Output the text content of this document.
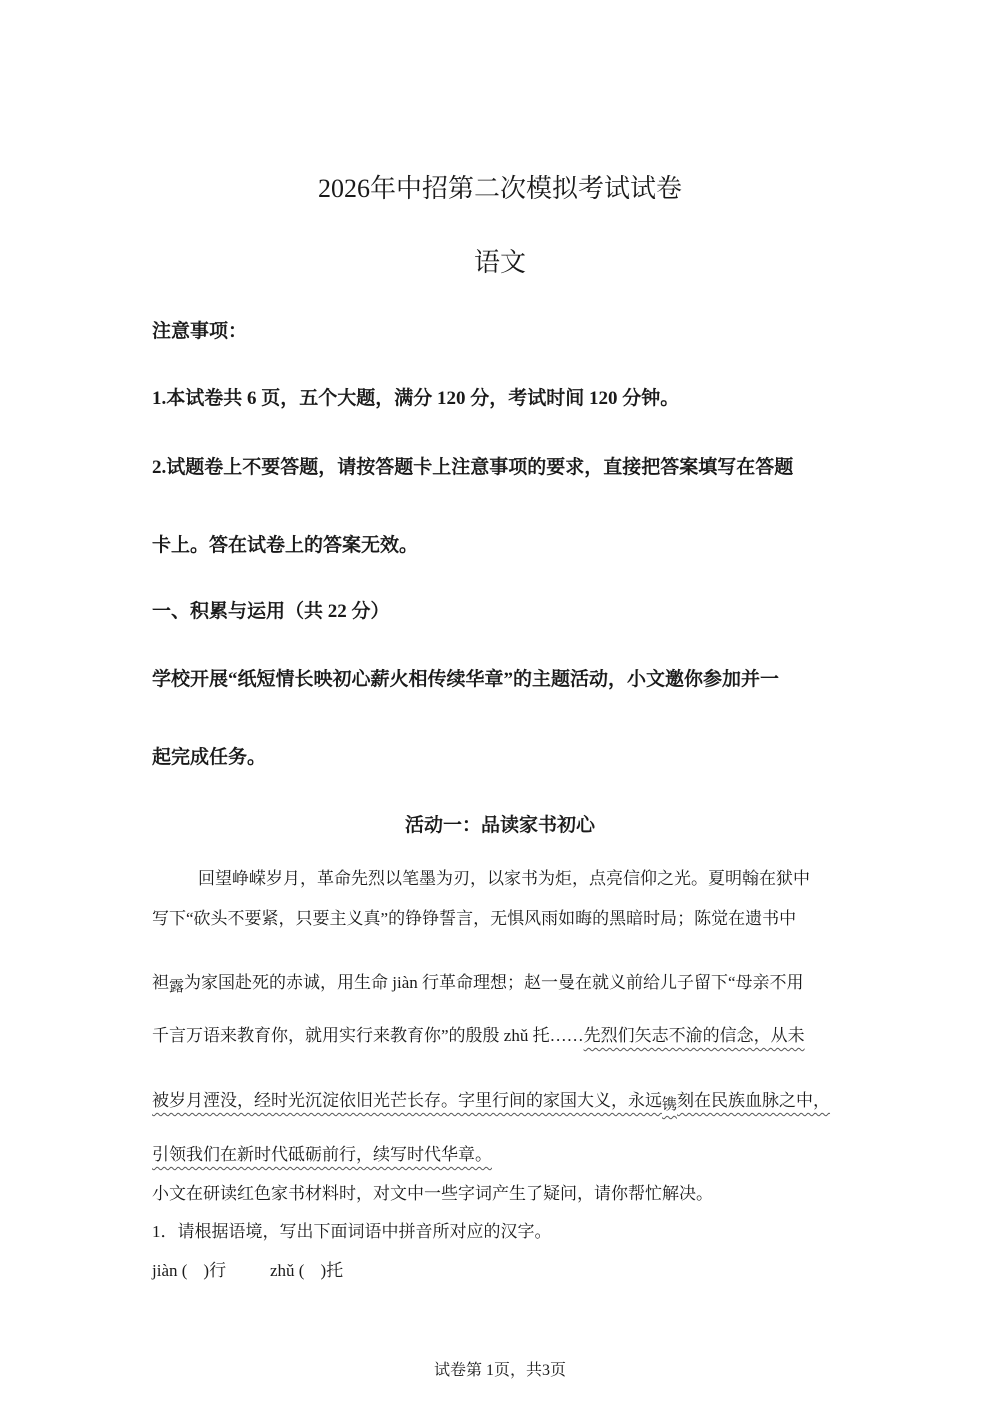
2026年中招第二次模拟考试试卷
语文
注意事项：
1.本试卷共 6 页，五个大题，满分 120 分，考试时间 120 分钟。
2.试题卷上不要答题，请按答题卡上注意事项的要求，直接把答案填写在答题
卡上。答在试卷上的答案无效。
一、积累与运用（共 22 分）
学校开展“纸短情长映初心薪火相传续华章”的主题活动，小文邀你参加并一
起完成任务。
活动一：品读家书初心
回望峥嵘岁月，革命先烈以笔墨为刃，以家书为炬，点亮信仰之光。夏明翰在狱中
写下“砍头不要紧，只要主义真”的铮铮誓言，无惧风雨如晦的黑暗时局；陈觉在遗书中
袒露为家国赴死的赤诚，用生命 jiàn 行革命理想；赵一曼在就义前给儿子留下“母亲不用
千言万语来教育你，就用实行来教育你”的殷殷 zhǔ 托……先烈们矢志不渝的信念，从未
被岁月湮没，经时光沉淀依旧光芒长存。字里行间的家国大义，永远镌刻在民族血脉之中，
引领我们在新时代砥砺前行，续写时代华章。
小文在研读红色家书材料时，对文中一些字词产生了疑问，请你帮忙解决。
1．请根据语境，写出下面词语中拼音所对应的汉字。
jiàn ( )行	zhǔ ( )托
试卷第 1页，共3页
